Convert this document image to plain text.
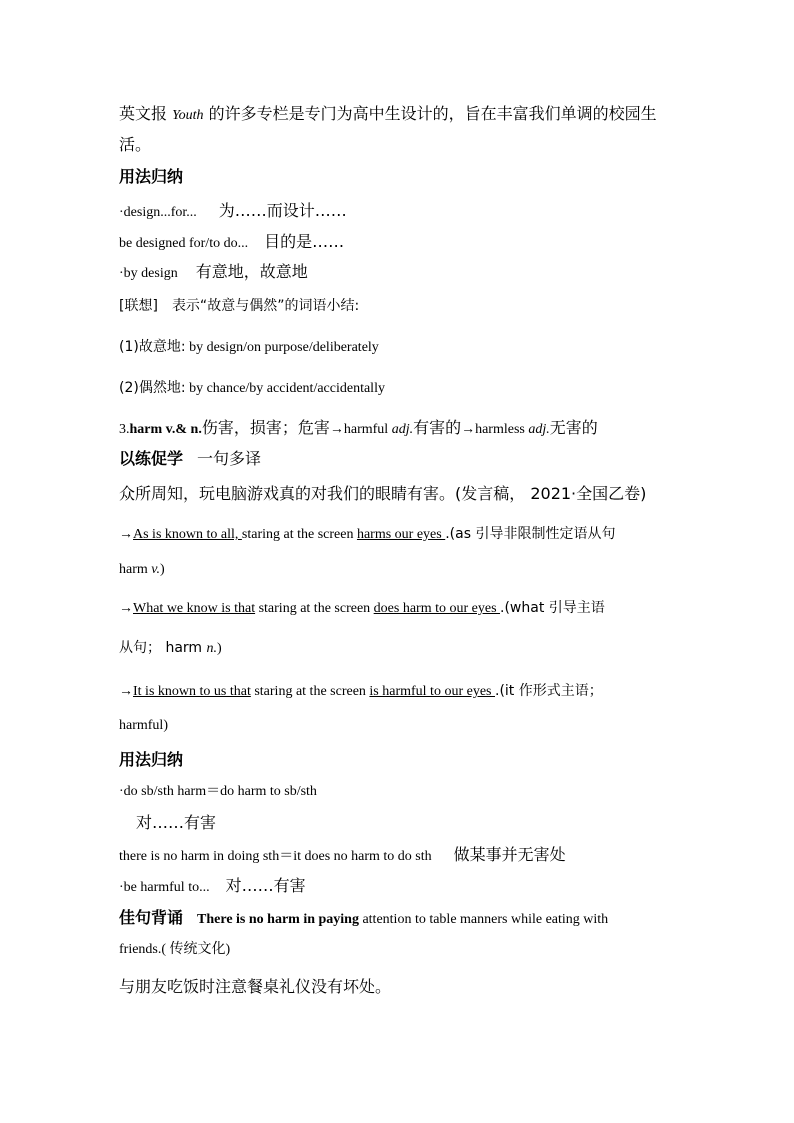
英文报 Youth 的许多专栏是专门为高中生设计的，旨在丰富我们单调的校园生
活。
用法归纳
·design...for... 为……而设计……
be designed for/to do... 目的是……
·by design 有意地，故意地
[联想] 表示“故意与偶然”的词语小结:
(1)故意地: by design/on purpose/deliberately
(2)偶然地: by chance/by accident/accidentally
3.harm v.& n.伤害，损害；危害→harmful adj.有害的→harmless adj.无害的
以练促学 一句多译
众所周知，玩电脑游戏真的对我们的眼睛有害。(发言稿， 2021·全国乙卷)
→As is known to all, staring at the screen harms our eyes .(as 引导非限制性定语从句
harm v.)
→What we know is that staring at the screen does harm to our eyes .(what 引导主语
从句； harm n.)
→It is known to us that staring at the screen is harmful to our eyes .(it 作形式主语；
harmful)
用法归纳
·do sb/sth harm＝do harm to sb/sth
对……有害
there is no harm in doing sth＝it does no harm to do sth 做某事并无害处
·be harmful to... 对……有害
佳句背诵 There is no harm in paying attention to table manners while eating with
friends.( 传统文化)
与朋友吃饭时注意餐桌礼仪没有坏处。
